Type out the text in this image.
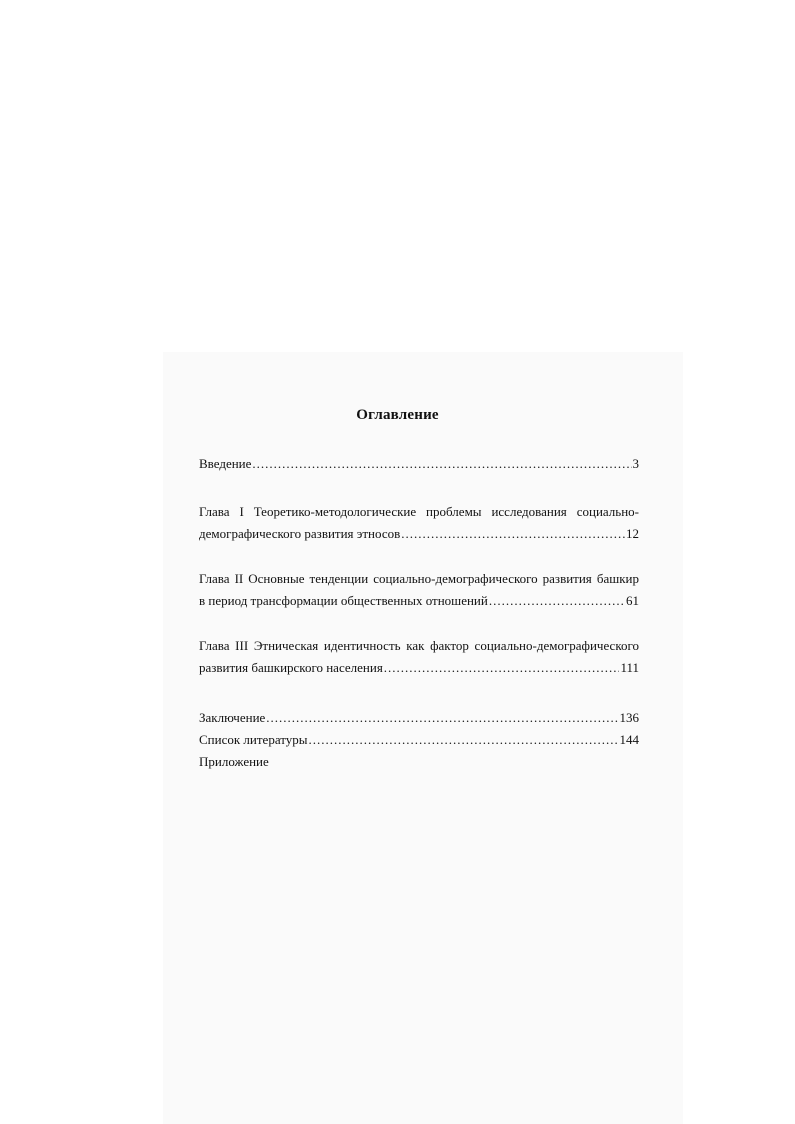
Оглавление
Введение .....	3
Глава I Теоретико-методологические проблемы исследования социально-
демографического развития этносов .....	12
Глава II Основные тенденции социально-демографического развития башкир
в период трансформации общественных отношений .....	61
Глава III Этническая идентичность как фактор социально-демографического
развития башкирского населения .....	111
Заключение .....	136
Список литературы .....	144
Приложение
